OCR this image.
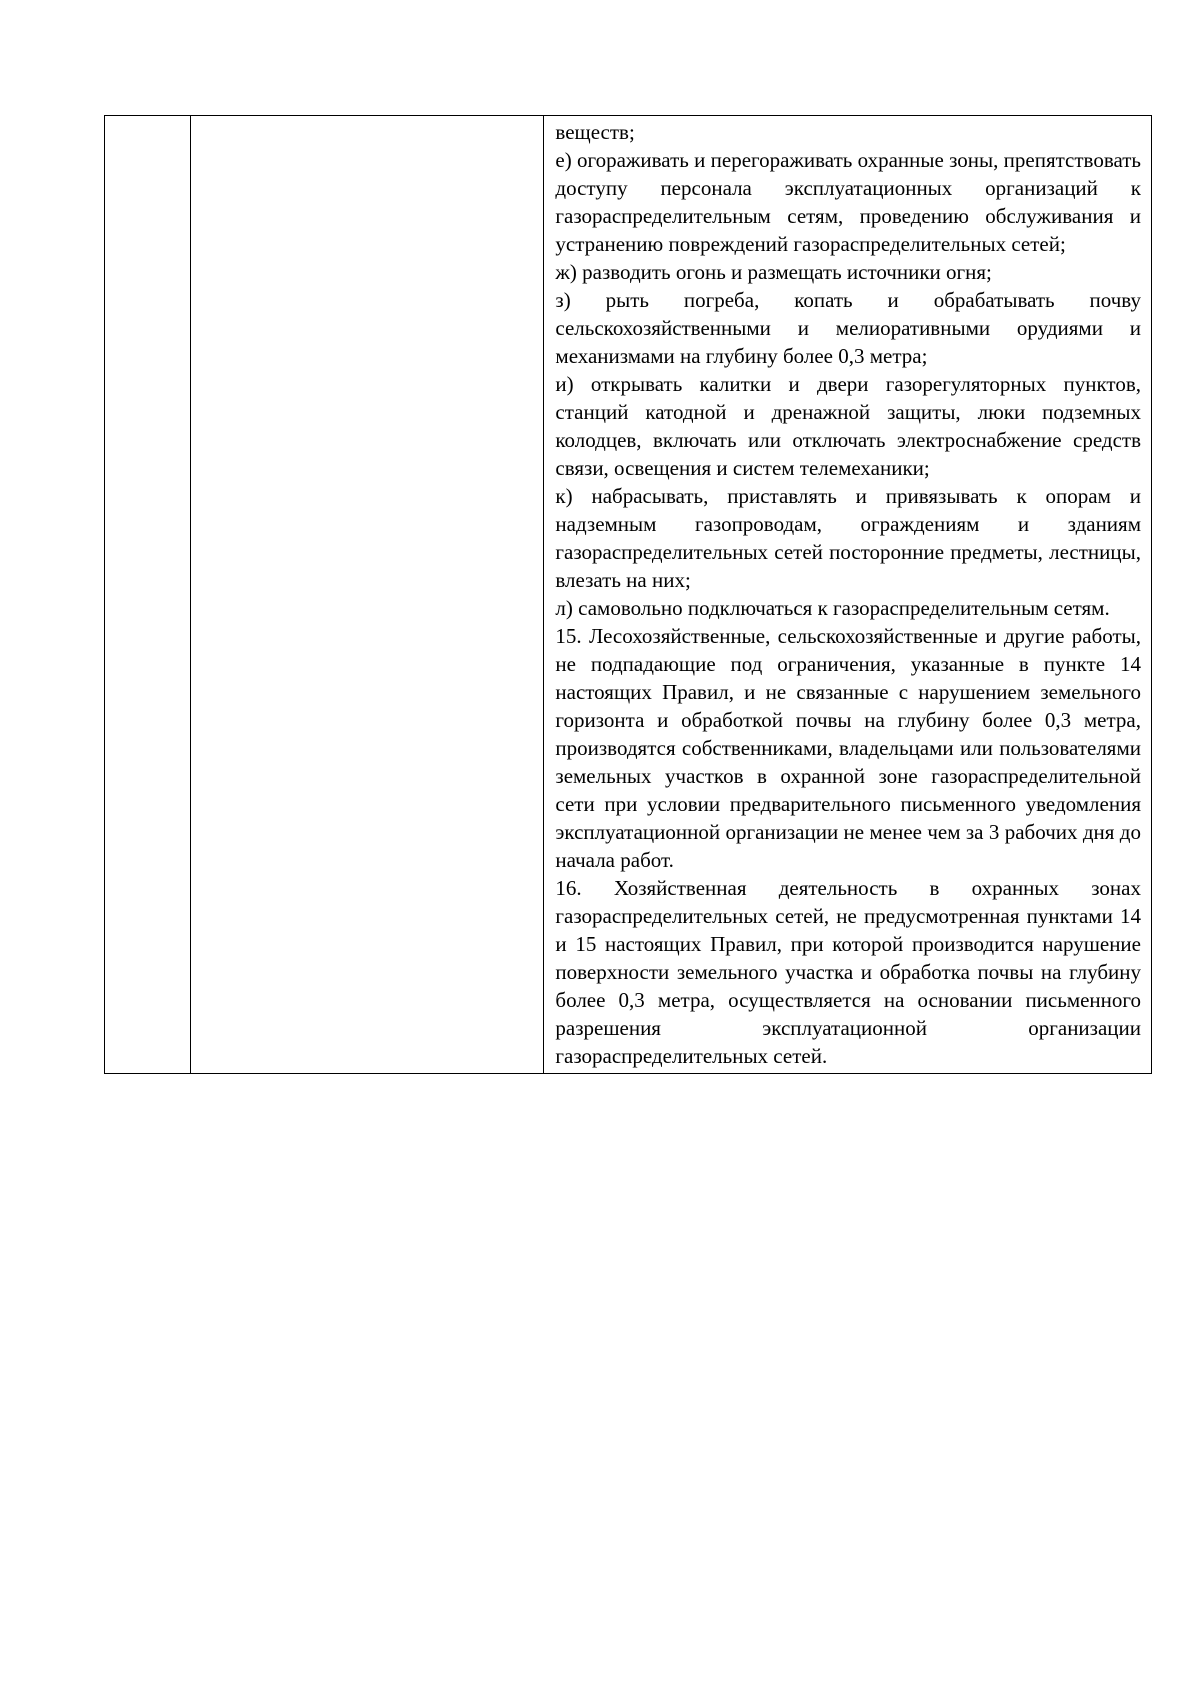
веществ;

е) огораживать и перегораживать охранные зоны, препятствовать доступу персонала эксплуатационных организаций к газораспределительным сетям, проведению обслуживания и устранению повреждений газораспределительных сетей;

ж) разводить огонь и размещать источники огня;

з) рыть погреба, копать и обрабатывать почву сельскохозяйственными и мелиоративными орудиями и механизмами на глубину более 0,3 метра;

и) открывать калитки и двери газорегуляторных пунктов, станций катодной и дренажной защиты, люки подземных колодцев, включать или отключать электроснабжение средств связи, освещения и систем телемеханики;

к) набрасывать, приставлять и привязывать к опорам и надземным газопроводам, ограждениям и зданиям газораспределительных сетей посторонние предметы, лестницы, влезать на них;

л) самовольно подключаться к газораспределительным сетям.

15. Лесохозяйственные, сельскохозяйственные и другие работы, не подпадающие под ограничения, указанные в пункте 14 настоящих Правил, и не связанные с нарушением земельного горизонта и обработкой почвы на глубину более 0,3 метра, производятся собственниками, владельцами или пользователями земельных участков в охранной зоне газораспределительной сети при условии предварительного письменного уведомления эксплуатационной организации не менее чем за 3 рабочих дня до начала работ.

16. Хозяйственная деятельность в охранных зонах газораспределительных сетей, не предусмотренная пунктами 14 и 15 настоящих Правил, при которой производится нарушение поверхности земельного участка и обработка почвы на глубину более 0,3 метра, осуществляется на основании письменного разрешения эксплуатационной организации газораспределительных сетей.
